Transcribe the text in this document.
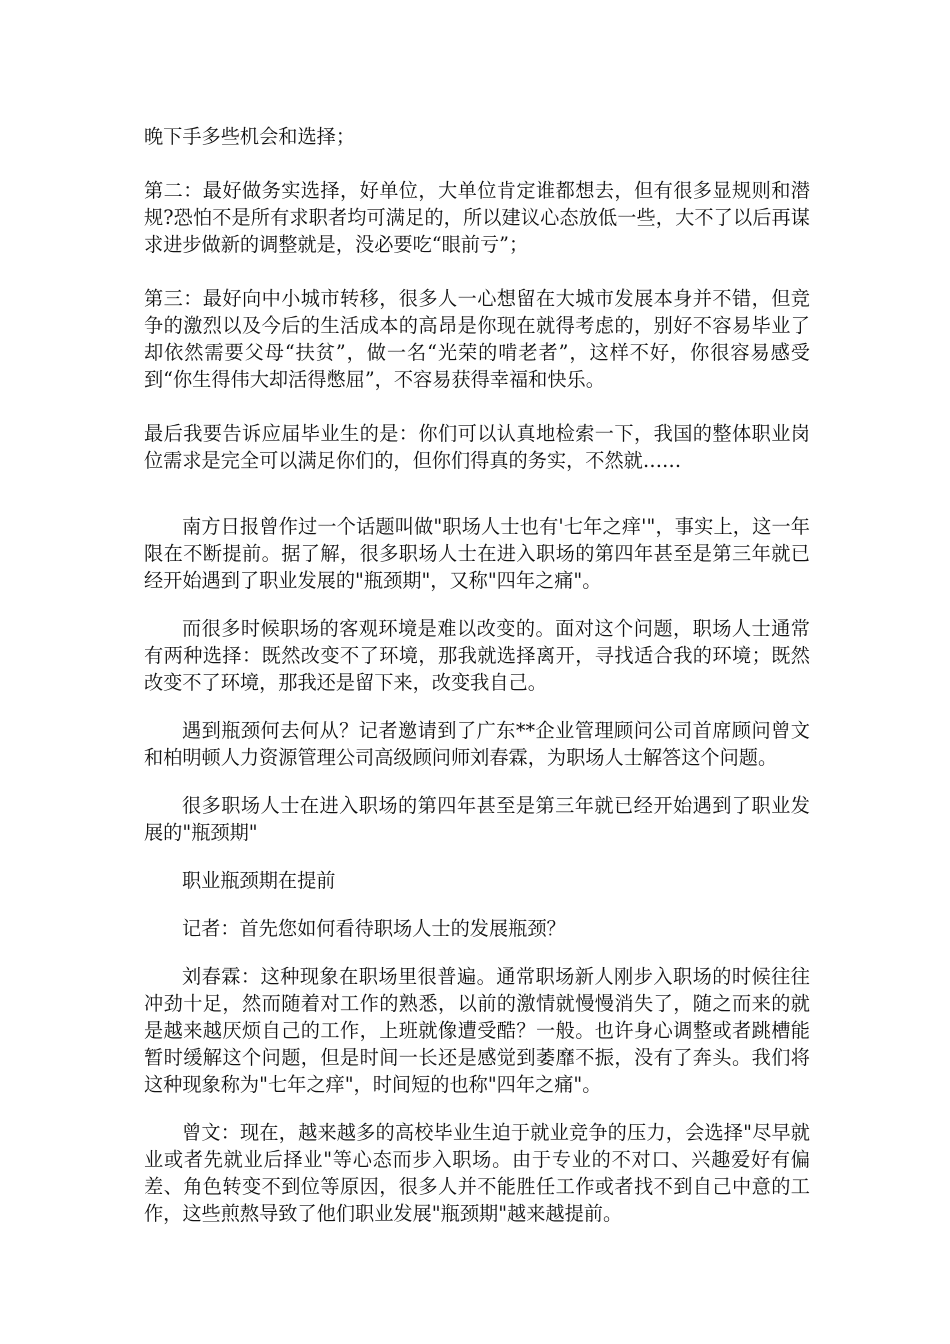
晚下手多些机会和选择；

第二：最好做务实选择，好单位，大单位肯定谁都想去，但有很多显规则和潜规?恐怕不是所有求职者均可满足的，所以建议心态放低一些，大不了以后再谋求进步做新的调整就是，没必要吃“眼前亏”；

第三：最好向中小城市转移，很多人一心想留在大城市发展本身并不错，但竞争的激烈以及今后的生活成本的高昂是你现在就得考虑的，别好不容易毕业了却依然需要父母“扶贫”，做一名“光荣的啃老者”，这样不好，你很容易感受到“你生得伟大却活得憋屈”，不容易获得幸福和快乐。

最后我要告诉应届毕业生的是：你们可以认真地检索一下，我国的整体职业岗位需求是完全可以满足你们的，但你们得真的务实，不然就……

南方日报曾作过一个话题叫做"职场人士也有'七年之痒'"，事实上，这一年限在不断提前。据了解，很多职场人士在进入职场的第四年甚至是第三年就已经开始遇到了职业发展的"瓶颈期"，又称"四年之痛"。

而很多时候职场的客观环境是难以改变的。面对这个问题，职场人士通常有两种选择：既然改变不了环境，那我就选择离开，寻找适合我的环境；既然改变不了环境，那我还是留下来，改变我自己。

遇到瓶颈何去何从？记者邀请到了广东**企业管理顾问公司首席顾问曾文和柏明顿人力资源管理公司高级顾问师刘春霖，为职场人士解答这个问题。

很多职场人士在进入职场的第四年甚至是第三年就已经开始遇到了职业发展的"瓶颈期"

职业瓶颈期在提前

记者：首先您如何看待职场人士的发展瓶颈？

刘春霖：这种现象在职场里很普遍。通常职场新人刚步入职场的时候往往冲劲十足，然而随着对工作的熟悉，以前的激情就慢慢消失了，随之而来的就是越来越厌烦自己的工作，上班就像遭受酷？一般。也许身心调整或者跳槽能暂时缓解这个问题，但是时间一长还是感觉到萎靡不振，没有了奔头。我们将这种现象称为"七年之痒"，时间短的也称"四年之痛"。

曾文：现在，越来越多的高校毕业生迫于就业竞争的压力，会选择"尽早就业或者先就业后择业"等心态而步入职场。由于专业的不对口、兴趣爱好有偏差、角色转变不到位等原因，很多人并不能胜任工作或者找不到自己中意的工作，这些煎熬导致了他们职业发展"瓶颈期"越来越提前。
